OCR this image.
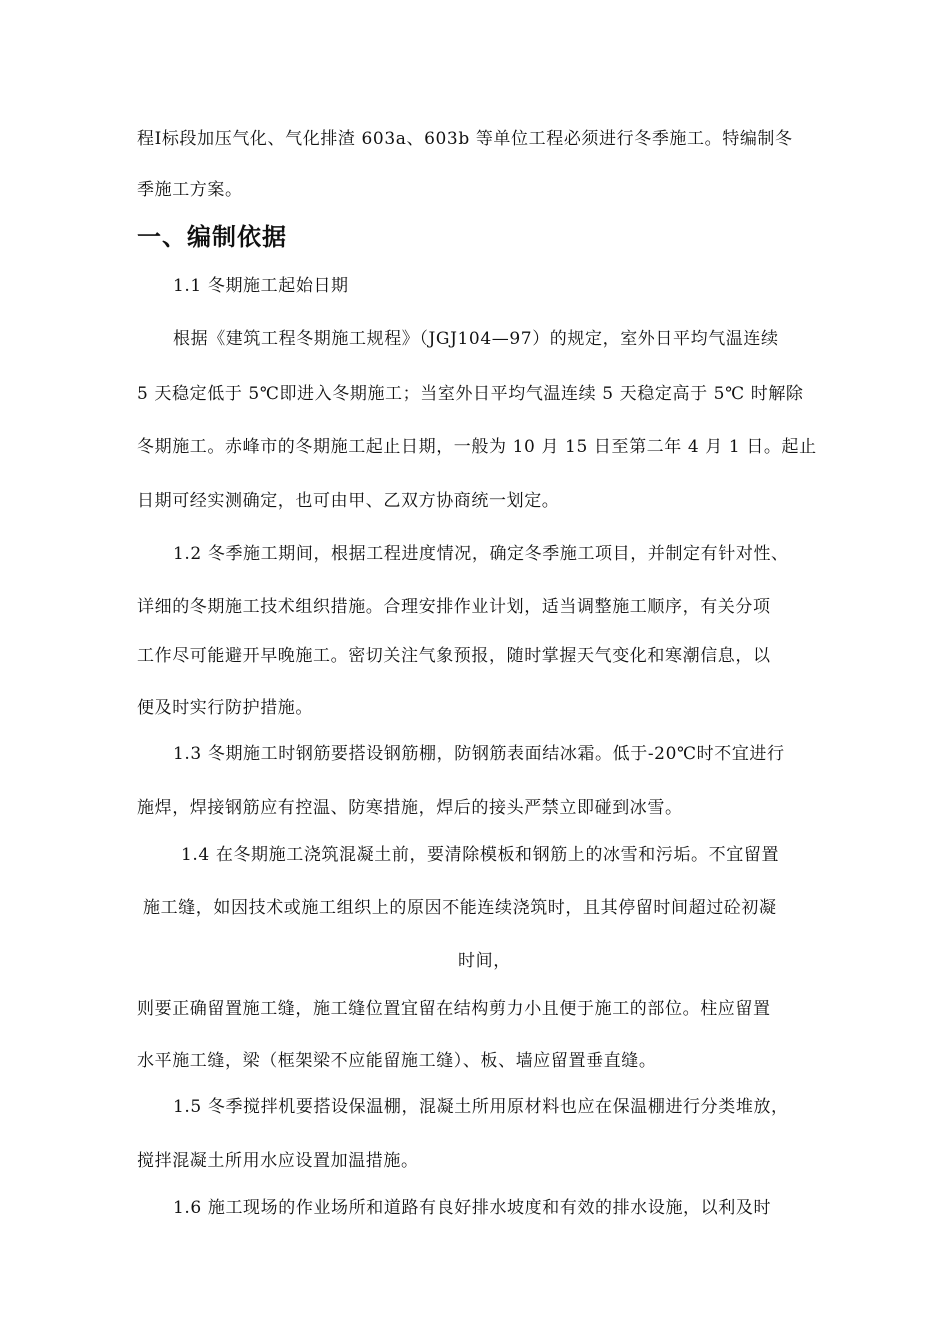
程Ⅰ标段加压气化、气化排渣 603a、603b 等单位工程必须进行冬季施工。特编制冬
季施工方案。
一、编制依据
1.1 冬期施工起始日期
根据《建筑工程冬期施工规程》（JGJ104—97）的规定，室外日平均气温连续
5 天稳定低于 5℃即进入冬期施工；当室外日平均气温连续 5 天稳定高于 5℃ 时解除
冬期施工。赤峰市的冬期施工起止日期，一般为 10 月 15 日至第二年 4 月 1 日。起止
日期可经实测确定，也可由甲、乙双方协商统一划定。
1.2 冬季施工期间，根据工程进度情况，确定冬季施工项目，并制定有针对性、
详细的冬期施工技术组织措施。合理安排作业计划，适当调整施工顺序，有关分项
工作尽可能避开早晚施工。密切关注气象预报，随时掌握天气变化和寒潮信息，以
便及时实行防护措施。
1.3 冬期施工时钢筋要搭设钢筋棚，防钢筋表面结冰霜。低于-20℃时不宜进行
施焊，焊接钢筋应有控温、防寒措施，焊后的接头严禁立即碰到冰雪。
1.4 在冬期施工浇筑混凝土前，要清除模板和钢筋上的冰雪和污垢。不宜留置
施工缝，如因技术或施工组织上的原因不能连续浇筑时，且其停留时间超过砼初凝
时间，
则要正确留置施工缝，施工缝位置宜留在结构剪力小且便于施工的部位。柱应留置
水平施工缝，梁（框架梁不应能留施工缝）、板、墙应留置垂直缝。
1.5 冬季搅拌机要搭设保温棚，混凝土所用原材料也应在保温棚进行分类堆放，
搅拌混凝土所用水应设置加温措施。
1.6 施工现场的作业场所和道路有良好排水坡度和有效的排水设施，以利及时
